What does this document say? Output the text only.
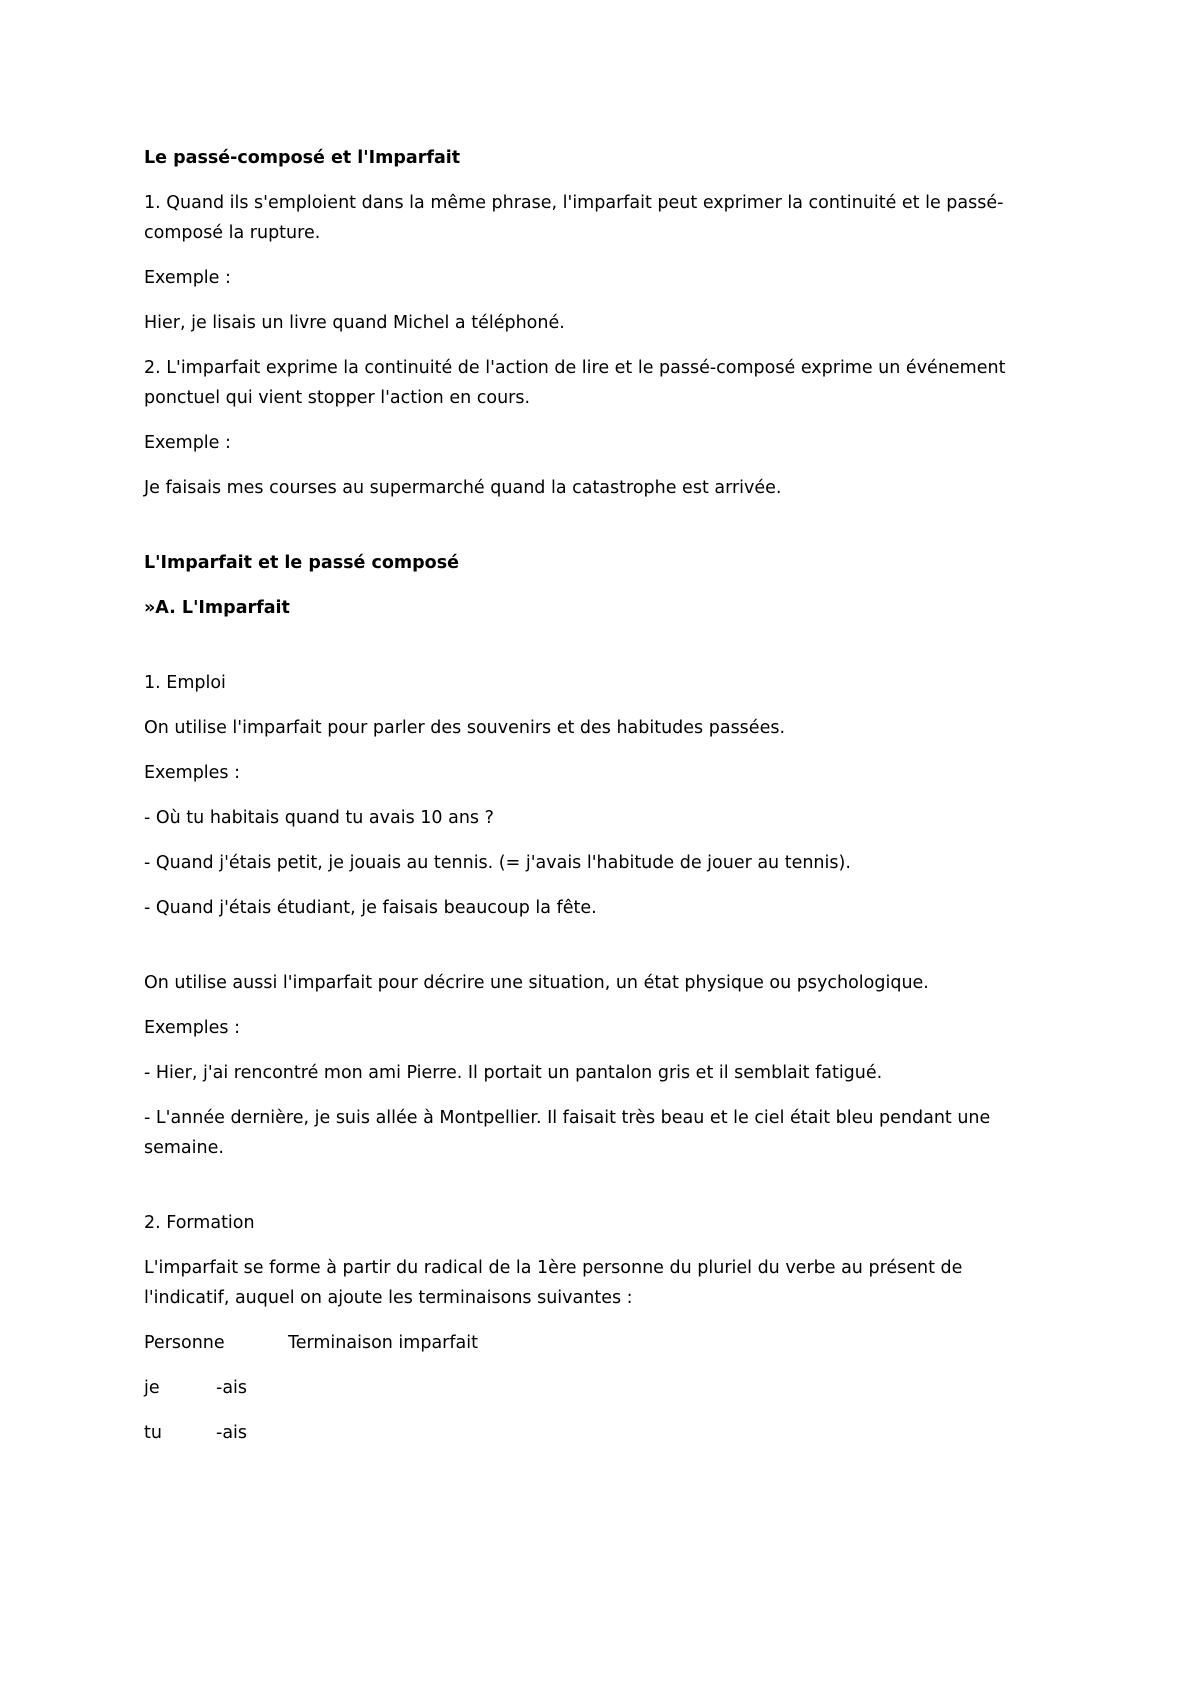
Le passé-composé et l'Imparfait

1. Quand ils s'emploient dans la même phrase, l'imparfait peut exprimer la continuité et le passé-composé la rupture.

Exemple :

Hier, je lisais un livre quand Michel a téléphoné.

2. L'imparfait exprime la continuité de l'action de lire et le passé-composé exprime un événement ponctuel qui vient stopper l'action en cours.

Exemple :

Je faisais mes courses au supermarché quand la catastrophe est arrivée.

L'Imparfait et le passé composé

»A. L'Imparfait

1. Emploi

On utilise l'imparfait pour parler des souvenirs et des habitudes passées.

Exemples :

- Où tu habitais quand tu avais 10 ans ?

- Quand j'étais petit, je jouais au tennis. (= j'avais l'habitude de jouer au tennis).

- Quand j'étais étudiant, je faisais beaucoup la fête.

On utilise aussi l'imparfait pour décrire une situation, un état physique ou psychologique.

Exemples :

- Hier, j'ai rencontré mon ami Pierre. Il portait un pantalon gris et il semblait fatigué.

- L'année dernière, je suis allée à Montpellier. Il faisait très beau et le ciel était bleu pendant une semaine.

2. Formation

L'imparfait se forme à partir du radical de la 1ère personne du pluriel du verbe au présent de l'indicatif, auquel on ajoute les terminaisons suivantes :

Personne	Terminaison imparfait
je	-ais
tu	-ais
